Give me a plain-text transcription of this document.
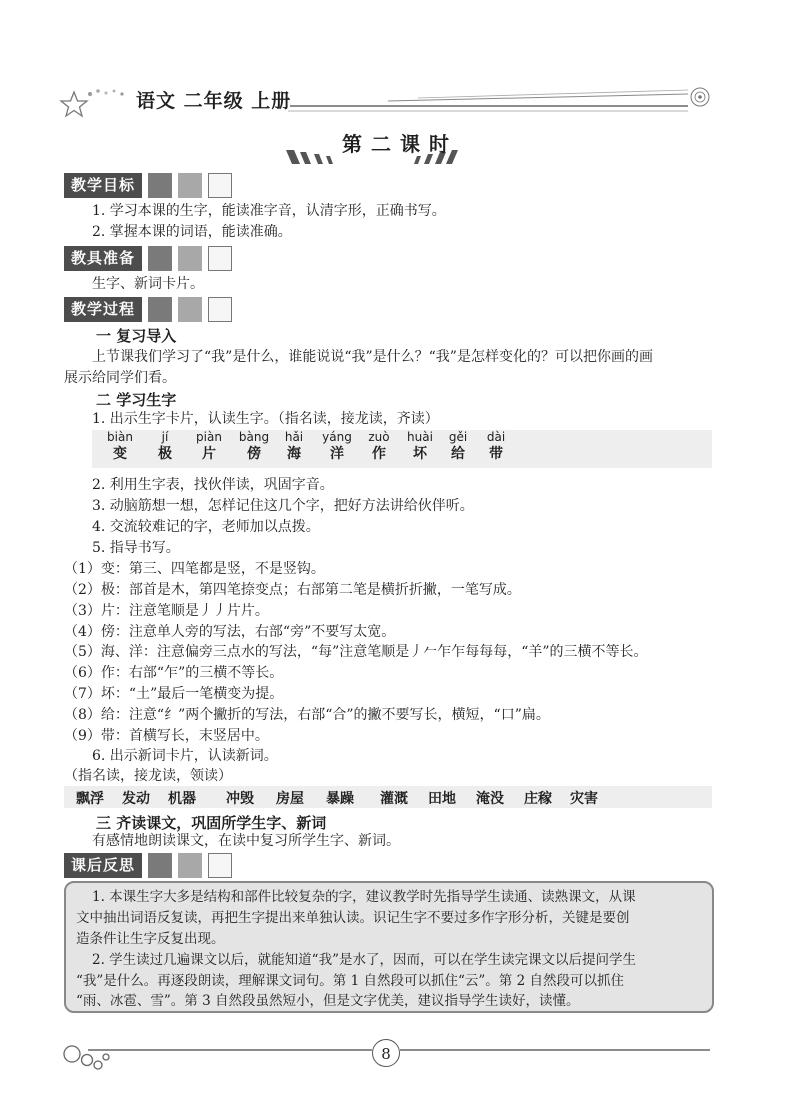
语文 二年级 上册
第二课时
教学目标
1. 学习本课的生字，能读准字音，认清字形，正确书写。
2. 掌握本课的词语，能读准确。
教具准备
生字、新词卡片。
教学过程
一 复习导入
上节课我们学习了“我”是什么，谁能说说“我”是什么？“我”是怎样变化的？可以把你画的画
展示给同学们看。
二 学习生字
1. 出示生字卡片，认读生字。（指名读，接龙读，齐读）
biàn
变
jí
极
piàn
片
bàng
傍
hǎi
海
yáng
洋
zuò
作
huài
坏
gěi
给
dài
带
2. 利用生字表，找伙伴读，巩固字音。
3. 动脑筋想一想，怎样记住这几个字，把好方法讲给伙伴听。
4. 交流较难记的字，老师加以点拨。
5. 指导书写。
（1）变：第三、四笔都是竖，不是竖钩。
（2）极：部首是木，第四笔捺变点；右部第二笔是横折折撇，一笔写成。
（3）片：注意笔顺是丿丿片片。
（4）傍：注意单人旁的写法，右部“旁”不要写太宽。
（5）海、洋：注意偏旁三点水的写法，“每”注意笔顺是丿𠂉乍乍每每每，“羊”的三横不等长。
（6）作：右部“乍”的三横不等长。
（7）坏：“土”最后一笔横变为提。
（8）给：注意“纟”两个撇折的写法，右部“合”的撇不要写长，横短，“口”扁。
（9）带：首横写长，末竖居中。
6. 出示新词卡片，认读新词。
（指名读，接龙读，领读）
飘浮 发动 机器 冲毁 房屋 暴躁 灌溉 田地 淹没 庄稼 灾害
三 齐读课文，巩固所学生字、新词
有感情地朗读课文，在读中复习所学生字、新词。
课后反思
1. 本课生字大多是结构和部件比较复杂的字，建议教学时先指导学生读通、读熟课文，从课
文中抽出词语反复读，再把生字提出来单独认读。识记生字不要过多作字形分析，关键是要创
造条件让生字反复出现。
2. 学生读过几遍课文以后，就能知道“我”是水了，因而，可以在学生读完课文以后提问学生
“我”是什么。再逐段朗读，理解课文词句。第 1 自然段可以抓住“云”。第 2 自然段可以抓住
“雨、冰雹、雪”。第 3 自然段虽然短小，但是文字优美，建议指导学生读好，读懂。
8
